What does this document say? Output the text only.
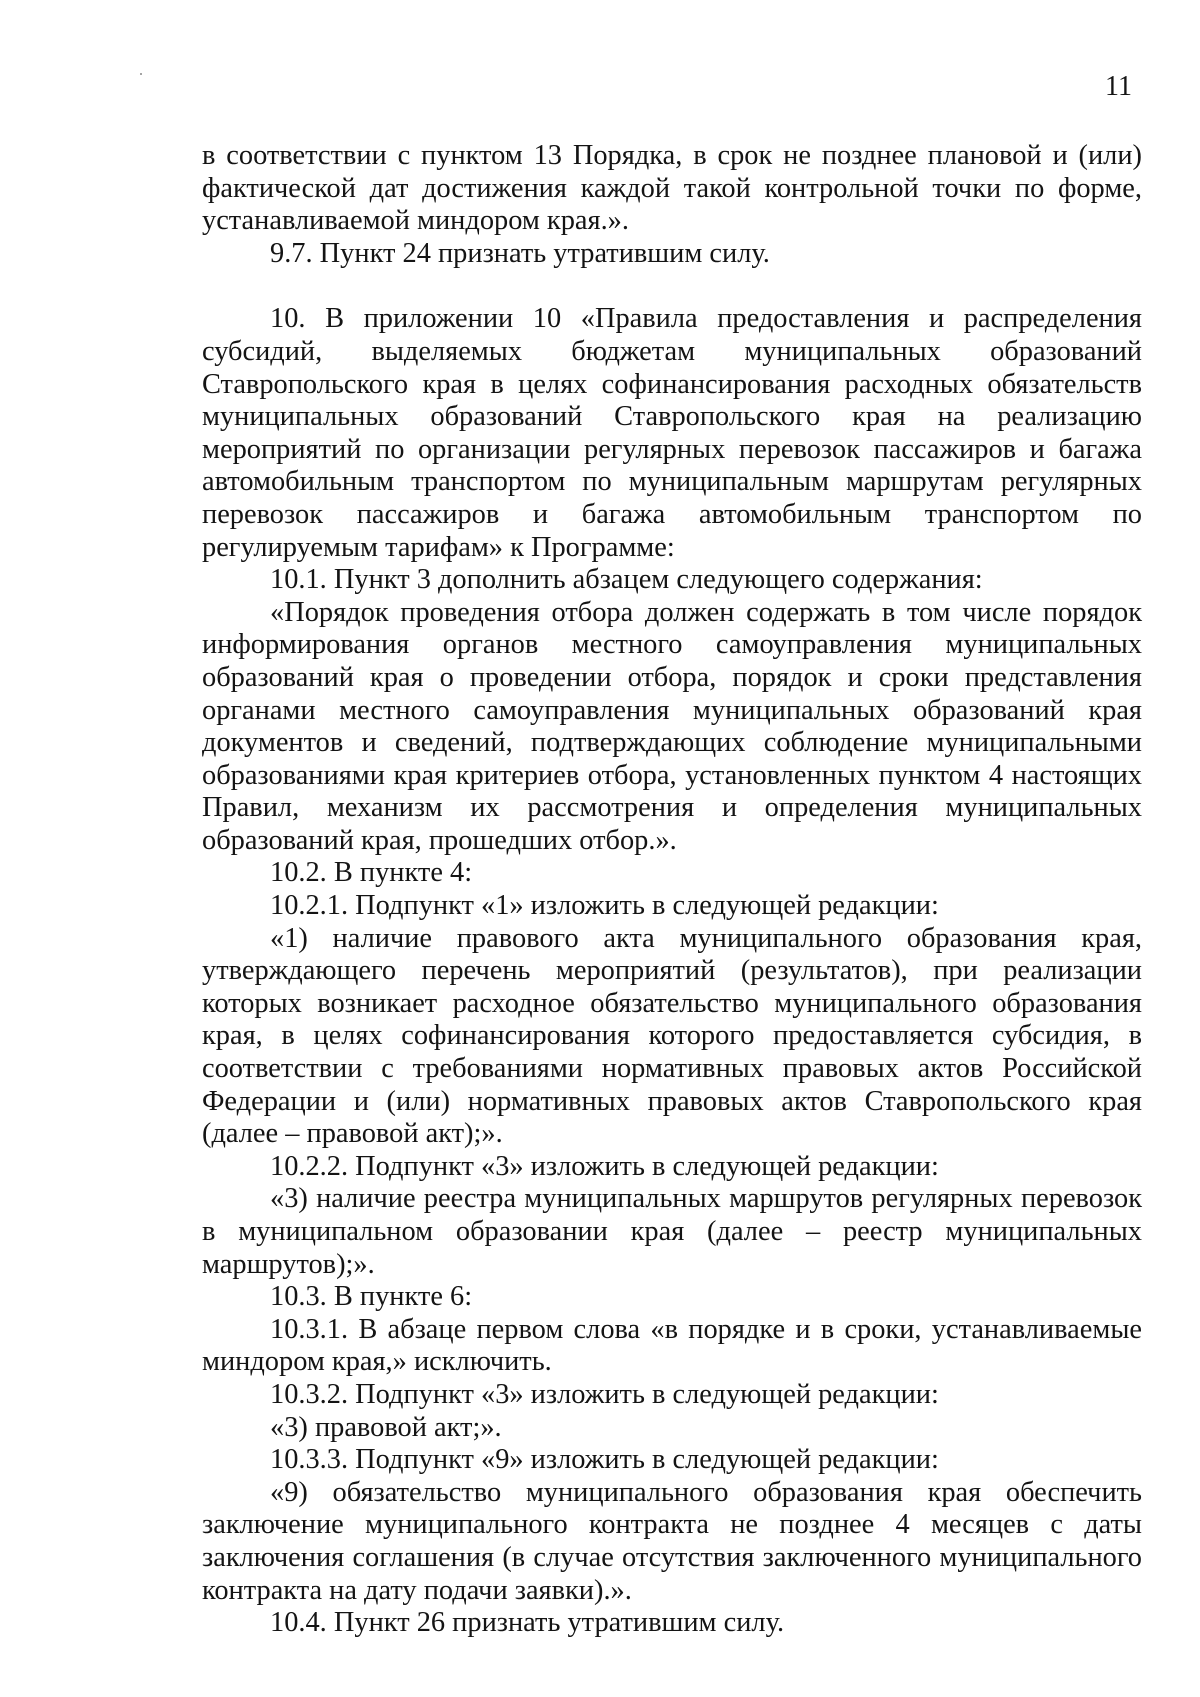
11

в соответствии с пунктом 13 Порядка, в срок не позднее плановой и (или) фактической дат достижения каждой такой контрольной точки по форме, устанавливаемой миндором края.».

9.7. Пункт 24 признать утратившим силу.

10. В приложении 10 «Правила предоставления и распределения субсидий, выделяемых бюджетам муниципальных образований Ставропольского края в целях софинансирования расходных обязательств муниципальных образований Ставропольского края на реализацию мероприятий по организации регулярных перевозок пассажиров и багажа автомобильным транспортом по муниципальным маршрутам регулярных перевозок пассажиров и багажа автомобильным транспортом по регулируемым тарифам» к Программе:

10.1. Пункт 3 дополнить абзацем следующего содержания:

«Порядок проведения отбора должен содержать в том числе порядок информирования органов местного самоуправления муниципальных образований края о проведении отбора, порядок и сроки представления органами местного самоуправления муниципальных образований края документов и сведений, подтверждающих соблюдение муниципальными образованиями края критериев отбора, установленных пунктом 4 настоящих Правил, механизм их рассмотрения и определения муниципальных образований края, прошедших отбор.».

10.2. В пункте 4:

10.2.1. Подпункт «1» изложить в следующей редакции:

«1) наличие правового акта муниципального образования края, утверждающего перечень мероприятий (результатов), при реализации которых возникает расходное обязательство муниципального образования края, в целях софинансирования которого предоставляется субсидия, в соответствии с требованиями нормативных правовых актов Российской Федерации и (или) нормативных правовых актов Ставропольского края (далее – правовой акт);».

10.2.2. Подпункт «3» изложить в следующей редакции:

«3) наличие реестра муниципальных маршрутов регулярных перевозок в муниципальном образовании края (далее – реестр муниципальных маршрутов);».

10.3. В пункте 6:

10.3.1. В абзаце первом слова «в порядке и в сроки, устанавливаемые миндором края,» исключить.

10.3.2. Подпункт «3» изложить в следующей редакции:

«3) правовой акт;».

10.3.3. Подпункт «9» изложить в следующей редакции:

«9) обязательство муниципального образования края обеспечить заключение муниципального контракта не позднее 4 месяцев с даты заключения соглашения (в случае отсутствия заключенного муниципального контракта на дату подачи заявки).».

10.4. Пункт 26 признать утратившим силу.
